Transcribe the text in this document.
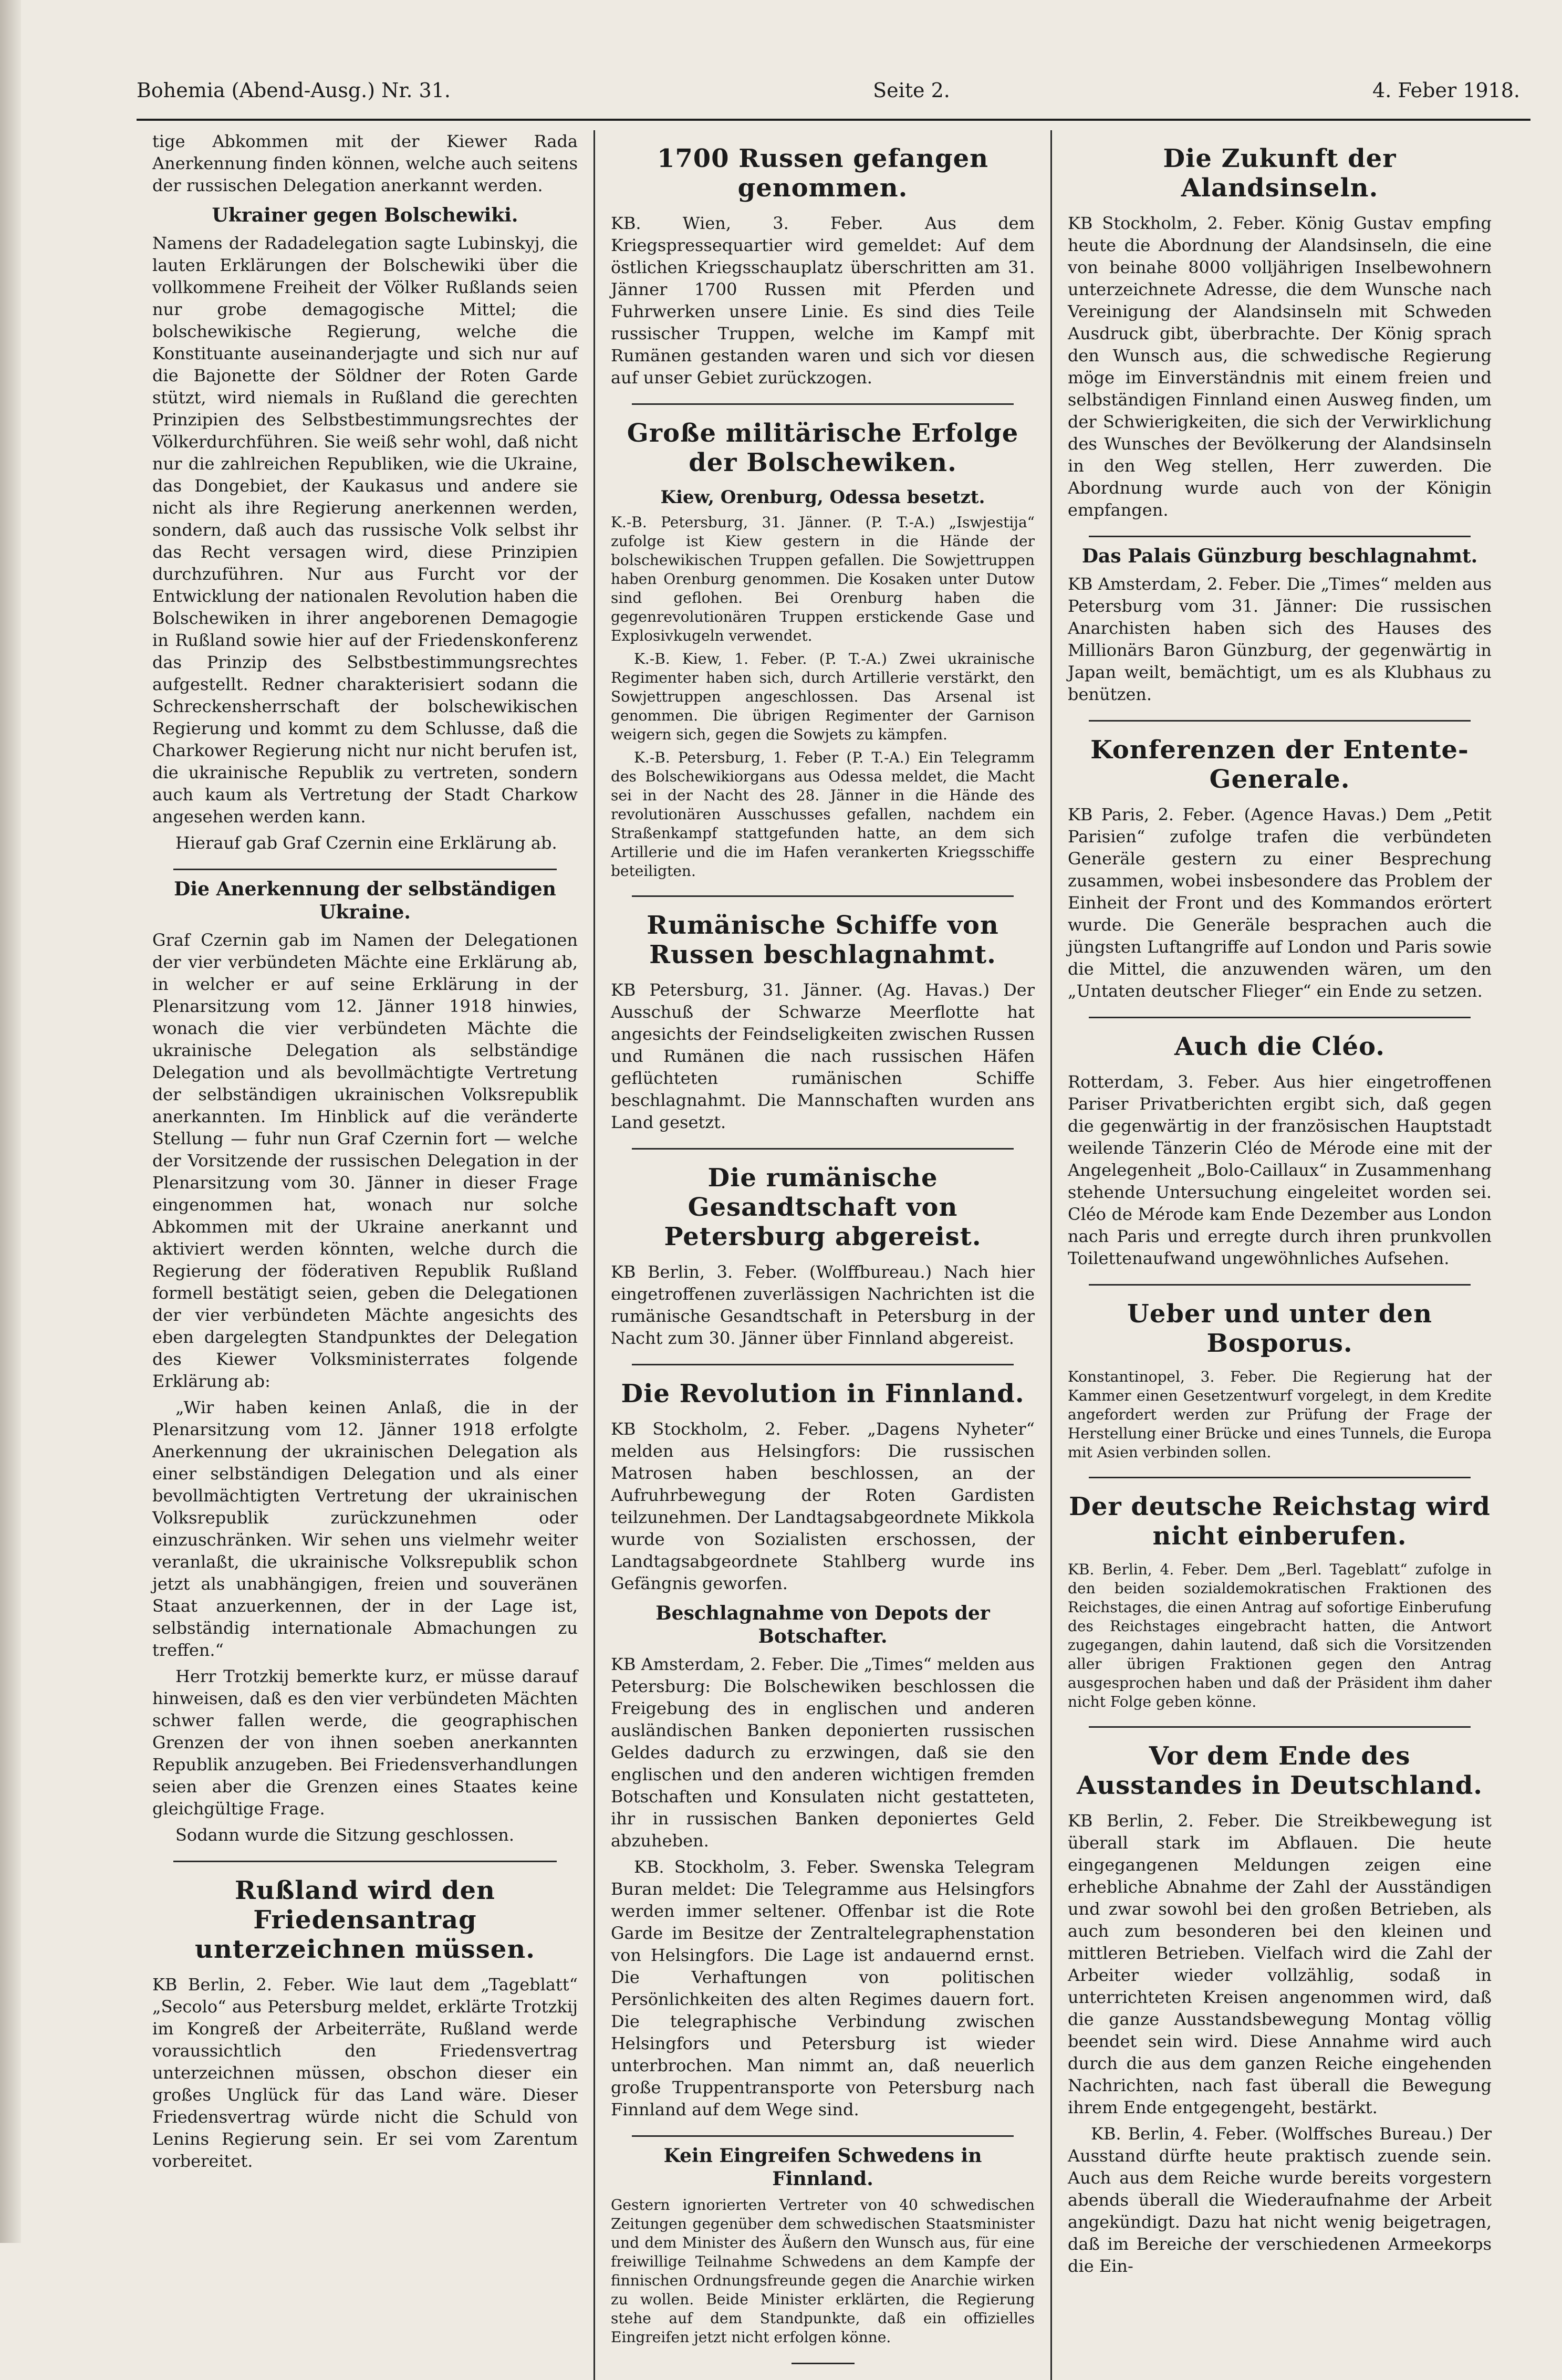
Bohemia (Abend-Ausg.) Nr. 31.	Seite 2.	4. Feber 1918.

tige Abkommen mit der Kiewer Rada Anerkennung finden können, welche auch seitens der russischen Delegation anerkannt werden.

Ukrainer gegen Bolschewiki.

Namens der Radadelegation sagte Lubinskyj, die lauten Erklärungen der Bolschewiki über die vollkommene Freiheit der Völker Rußlands seien nur grobe demagogische Mittel; die bolschewikische Regierung, welche die Konstituante auseinanderjagte und sich nur auf die Bajonette der Söldner der Roten Garde stützt, wird niemals in Rußland die gerechten Prinzipien des Selbstbestimmungsrechtes der Völkerdurchführen. Sie weiß sehr wohl, daß nicht nur die zahlreichen Republiken, wie die Ukraine, das Dongebiet, der Kaukasus und andere sie nicht als ihre Regierung anerkennen werden, sondern, daß auch das russische Volk selbst ihr das Recht versagen wird, diese Prinzipien durchzuführen. Nur aus Furcht vor der Entwicklung der nationalen Revolution haben die Bolschewiken in ihrer angeborenen Demagogie in Rußland sowie hier auf der Friedenskonferenz das Prinzip des Selbstbestimmungsrechtes aufgestellt. Redner charakterisiert sodann die Schreckensherrschaft der bolschewikischen Regierung und kommt zu dem Schlusse, daß die Charkower Regierung nicht nur nicht berufen ist, die ukrainische Republik zu vertreten, sondern auch kaum als Vertretung der Stadt Charkow angesehen werden kann.

Hierauf gab Graf Czernin eine Erklärung ab.

Die Anerkennung der selbständigen Ukraine.

Graf Czernin gab im Namen der Delegationen der vier verbündeten Mächte eine Erklärung ab, in welcher er auf seine Erklärung in der Plenarsitzung vom 12. Jänner 1918 hinwies, wonach die vier verbündeten Mächte die ukrainische Delegation als selbständige Delegation und als bevollmächtigte Vertretung der selbständigen ukrainischen Volksrepublik anerkannten. Im Hinblick auf die veränderte Stellung — fuhr nun Graf Czernin fort — welche der Vorsitzende der russischen Delegation in der Plenarsitzung vom 30. Jänner in dieser Frage eingenommen hat, wonach nur solche Abkommen mit der Ukraine anerkannt und aktiviert werden könnten, welche durch die Regierung der föderativen Republik Rußland formell bestätigt seien, geben die Delegationen der vier verbündeten Mächte angesichts des eben dargelegten Standpunktes der Delegation des Kiewer Volksministerrates folgende Erklärung ab:

„Wir haben keinen Anlaß, die in der Plenarsitzung vom 12. Jänner 1918 erfolgte Anerkennung der ukrainischen Delegation als einer selbständigen Delegation und als einer bevollmächtigten Vertretung der ukrainischen Volksrepublik zurückzunehmen oder einzuschränken. Wir sehen uns vielmehr weiter veranlaßt, die ukrainische Volksrepublik schon jetzt als unabhängigen, freien und souveränen Staat anzuerkennen, der in der Lage ist, selbständig internationale Abmachungen zu treffen.“

Herr Trotzkij bemerkte kurz, er müsse darauf hinweisen, daß es den vier verbündeten Mächten schwer fallen werde, die geographischen Grenzen der von ihnen soeben anerkannten Republik anzugeben. Bei Friedensverhandlungen seien aber die Grenzen eines Staates keine gleichgültige Frage.

Sodann wurde die Sitzung geschlossen.

Rußland wird den Friedensantrag unterzeichnen müssen.

KB Berlin, 2. Feber. Wie laut dem „Tageblatt“ „Secolo“ aus Petersburg meldet, erklärte Trotzkij im Kongreß der Arbeiterräte, Rußland werde voraussichtlich den Friedensvertrag unterzeichnen müssen, obschon dieser ein großes Unglück für das Land wäre. Dieser Friedensvertrag würde nicht die Schuld von Lenins Regierung sein. Er sei vom Zarentum vorbereitet.

1700 Russen gefangen genommen.

KB. Wien, 3. Feber. Aus dem Kriegspressequartier wird gemeldet: Auf dem östlichen Kriegsschauplatz überschritten am 31. Jänner 1700 Russen mit Pferden und Fuhrwerken unsere Linie. Es sind dies Teile russischer Truppen, welche im Kampf mit Rumänen gestanden waren und sich vor diesen auf unser Gebiet zurückzogen.

Große militärische Erfolge der Bolschewiken.
Kiew, Orenburg, Odessa besetzt.

K.-B. Petersburg, 31. Jänner. (P. T.-A.) „Iswjestija“ zufolge ist Kiew gestern in die Hände der bolschewikischen Truppen gefallen. Die Sowjettruppen haben Orenburg genommen. Die Kosaken unter Dutow sind geflohen. Bei Orenburg haben die gegenrevolutionären Truppen erstickende Gase und Explosivkugeln verwendet.

K.-B. Kiew, 1. Feber. (P. T.-A.) Zwei ukrainische Regimenter haben sich, durch Artillerie verstärkt, den Sowjettruppen angeschlossen. Das Arsenal ist genommen. Die übrigen Regimenter der Garnison weigern sich, gegen die Sowjets zu kämpfen.

K.-B. Petersburg, 1. Feber (P. T.-A.) Ein Telegramm des Bolschewikiorgans aus Odessa meldet, die Macht sei in der Nacht des 28. Jänner in die Hände des revolutionären Ausschusses gefallen, nachdem ein Straßenkampf stattgefunden hatte, an dem sich Artillerie und die im Hafen verankerten Kriegsschiffe beteiligten.

Rumänische Schiffe von Russen beschlagnahmt.

KB Petersburg, 31. Jänner. (Ag. Havas.) Der Ausschuß der Schwarze Meerflotte hat angesichts der Feindseligkeiten zwischen Russen und Rumänen die nach russischen Häfen geflüchteten rumänischen Schiffe beschlagnahmt. Die Mannschaften wurden ans Land gesetzt.

Die rumänische Gesandtschaft von Petersburg abgereist.

KB Berlin, 3. Feber. (Wolffbureau.) Nach hier eingetroffenen zuverlässigen Nachrichten ist die rumänische Gesandtschaft in Petersburg in der Nacht zum 30. Jänner über Finnland abgereist.

Die Revolution in Finnland.

KB Stockholm, 2. Feber. „Dagens Nyheter“ melden aus Helsingfors: Die russischen Matrosen haben beschlossen, an der Aufruhrbewegung der Roten Gardisten teilzunehmen. Der Landtagsabgeordnete Mikkola wurde von Sozialisten erschossen, der Landtagsabgeordnete Stahlberg wurde ins Gefängnis geworfen.

Beschlagnahme von Depots der Botschafter.

KB Amsterdam, 2. Feber. Die „Times“ melden aus Petersburg: Die Bolschewiken beschlossen die Freigebung des in englischen und anderen ausländischen Banken deponierten russischen Geldes dadurch zu erzwingen, daß sie den englischen und den anderen wichtigen fremden Botschaften und Konsulaten nicht gestatteten, ihr in russischen Banken deponiertes Geld abzuheben.

KB. Stockholm, 3. Feber. Swenska Telegram Buran meldet: Die Telegramme aus Helsingfors werden immer seltener. Offenbar ist die Rote Garde im Besitze der Zentraltelegraphenstation von Helsingfors. Die Lage ist andauernd ernst. Die Verhaftungen von politischen Persönlichkeiten des alten Regimes dauern fort. Die telegraphische Verbindung zwischen Helsingfors und Petersburg ist wieder unterbrochen. Man nimmt an, daß neuerlich große Truppentransporte von Petersburg nach Finnland auf dem Wege sind.

Kein Eingreifen Schwedens in Finnland.

Gestern ignorierten Vertreter von 40 schwedischen Zeitungen gegenüber dem schwedischen Staatsminister und dem Minister des Äußern den Wunsch aus, für eine freiwillige Teilnahme Schwedens an dem Kampfe der finnischen Ordnungsfreunde gegen die Anarchie wirken zu wollen. Beide Minister erklärten, die Regierung stehe auf dem Standpunkte, daß ein offizielles Eingreifen jetzt nicht erfolgen könne.

Die Zukunft der Alandsinseln.

KB Stockholm, 2. Feber. König Gustav empfing heute die Abordnung der Alandsinseln, die eine von beinahe 8000 volljährigen Inselbewohnern unterzeichnete Adresse, die dem Wunsche nach Vereinigung der Alandsinseln mit Schweden Ausdruck gibt, überbrachte. Der König sprach den Wunsch aus, die schwedische Regierung möge im Einverständnis mit einem freien und selbständigen Finnland einen Ausweg finden, um der Schwierigkeiten, die sich der Verwirklichung des Wunsches der Bevölkerung der Alandsinseln in den Weg stellen, Herr zuwerden. Die Abordnung wurde auch von der Königin empfangen.

Das Palais Günzburg beschlagnahmt.

KB Amsterdam, 2. Feber. Die „Times“ melden aus Petersburg vom 31. Jänner: Die russischen Anarchisten haben sich des Hauses des Millionärs Baron Günzburg, der gegenwärtig in Japan weilt, bemächtigt, um es als Klubhaus zu benützen.

Konferenzen der Entente-Generale.

KB Paris, 2. Feber. (Agence Havas.) Dem „Petit Parisien“ zufolge trafen die verbündeten Generäle gestern zu einer Besprechung zusammen, wobei insbesondere das Problem der Einheit der Front und des Kommandos erörtert wurde. Die Generäle besprachen auch die jüngsten Luftangriffe auf London und Paris sowie die Mittel, die anzuwenden wären, um den „Untaten deutscher Flieger“ ein Ende zu setzen.

Auch die Cléo.

Rotterdam, 3. Feber. Aus hier eingetroffenen Pariser Privatberichten ergibt sich, daß gegen die gegenwärtig in der französischen Hauptstadt weilende Tänzerin Cléo de Mérode eine mit der Angelegenheit „Bolo-Caillaux“ in Zusammenhang stehende Untersuchung eingeleitet worden sei. Cléo de Mérode kam Ende Dezember aus London nach Paris und erregte durch ihren prunkvollen Toilettenaufwand ungewöhnliches Aufsehen.

Ueber und unter den Bosporus.

Konstantinopel, 3. Feber. Die Regierung hat der Kammer einen Gesetzentwurf vorgelegt, in dem Kredite angefordert werden zur Prüfung der Frage der Herstellung einer Brücke und eines Tunnels, die Europa mit Asien verbinden sollen.

Der deutsche Reichstag wird nicht einberufen.

KB. Berlin, 4. Feber. Dem „Berl. Tageblatt“ zufolge in den beiden sozialdemokratischen Fraktionen des Reichstages, die einen Antrag auf sofortige Einberufung des Reichstages eingebracht hatten, die Antwort zugegangen, dahin lautend, daß sich die Vorsitzenden aller übrigen Fraktionen gegen den Antrag ausgesprochen haben und daß der Präsident ihm daher nicht Folge geben könne.

Vor dem Ende des Ausstandes in Deutschland.

KB Berlin, 2. Feber. Die Streikbewegung ist überall stark im Abflauen. Die heute eingegangenen Meldungen zeigen eine erhebliche Abnahme der Zahl der Ausständigen und zwar sowohl bei den großen Betrieben, als auch zum besonderen bei den kleinen und mittleren Betrieben. Vielfach wird die Zahl der Arbeiter wieder vollzählig, sodaß in unterrichteten Kreisen angenommen wird, daß die ganze Ausstandsbewegung Montag völlig beendet sein wird. Diese Annahme wird auch durch die aus dem ganzen Reiche eingehenden Nachrichten, nach fast überall die Bewegung ihrem Ende entgegengeht, bestärkt.

KB. Berlin, 4. Feber. (Wolffsches Bureau.) Der Ausstand dürfte heute praktisch zuende sein. Auch aus dem Reiche wurde bereits vorgestern abends überall die Wiederaufnahme der Arbeit angekündigt. Dazu hat nicht wenig beigetragen, daß im Bereiche der verschiedenen Armeekorps die Ein-
